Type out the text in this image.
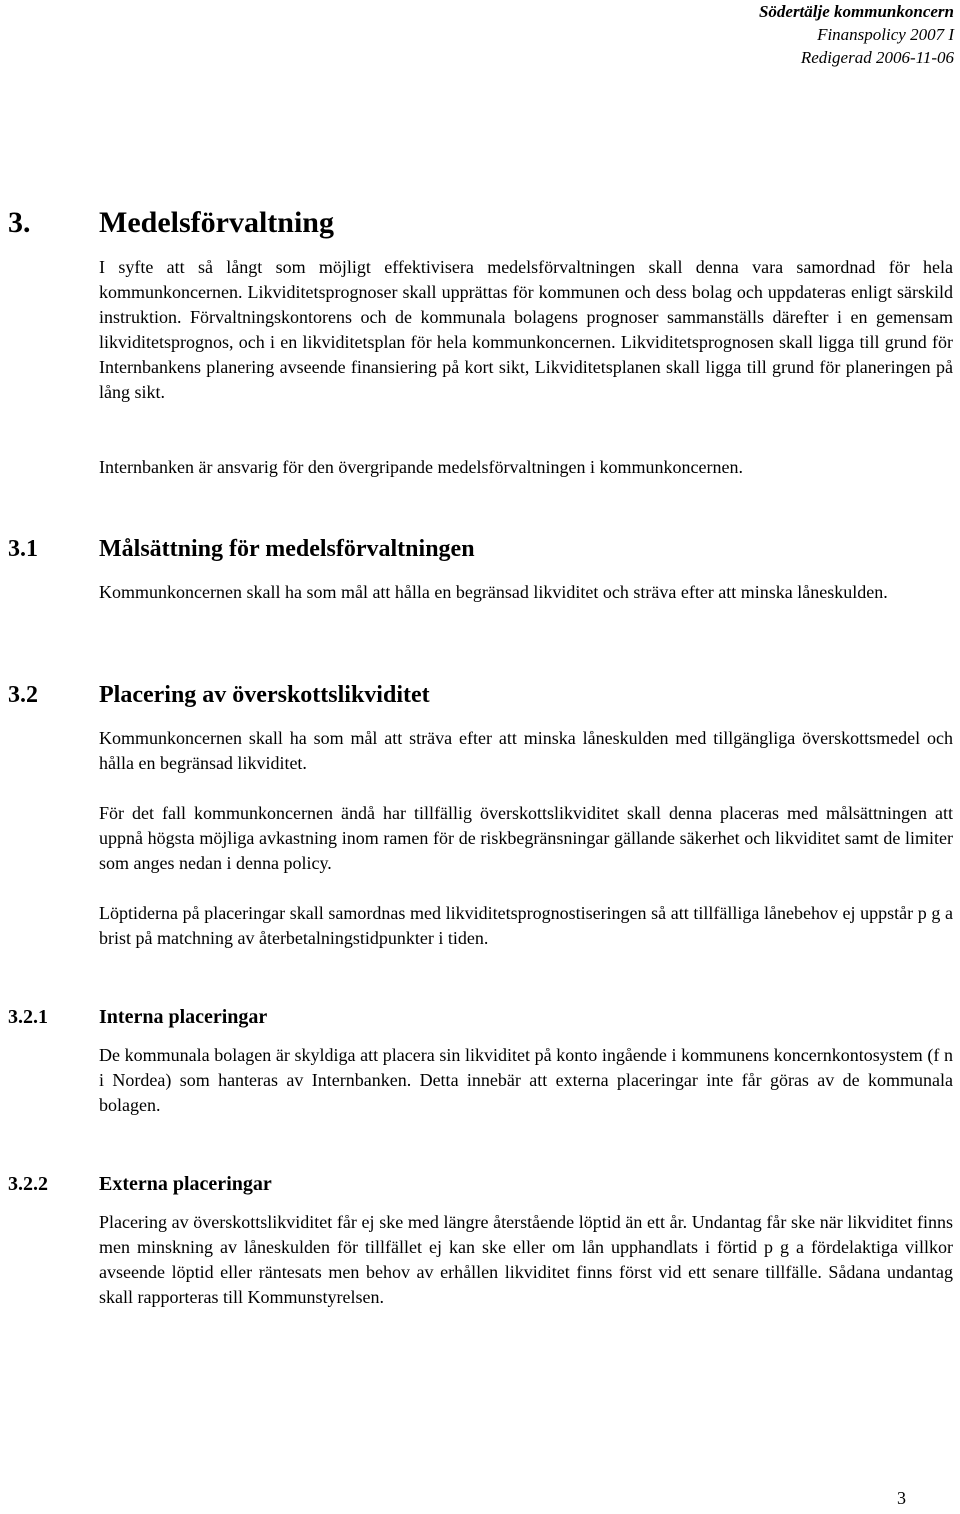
Södertälje kommunkoncern
Finanspolicy 2007 I
Redigerad 2006-11-06
3. Medelsförvaltning

I syfte att så långt som möjligt effektivisera medelsförvaltningen skall denna vara samordnad för hela kommunkoncernen. Likviditetsprognoser skall upprättas för kommunen och dess bolag och uppdateras enligt särskild instruktion. Förvaltningskontorens och de kommunala bolagens prognoser sammanställs därefter i en gemensam likviditetsprognos, och i en likviditetsplan för hela kommunkoncernen. Likviditetsprognosen skall ligga till grund för Internbankens planering avseende finansiering på kort sikt, Likviditetsplanen skall ligga till grund för planeringen på lång sikt.

Internbanken är ansvarig för den övergripande medelsförvaltningen i kommunkoncernen.

3.1	Målsättning för medelsförvaltningen

Kommunkoncernen skall ha som mål att hålla en begränsad likviditet och sträva efter att minska låneskulden.

3.2	Placering av överskottslikviditet

Kommunkoncernen skall ha som mål att sträva efter att minska låneskulden med tillgängliga överskottsmedel och hålla en begränsad likviditet.

För det fall kommunkoncernen ändå har tillfällig överskottslikviditet skall denna placeras med målsättningen att uppnå högsta möjliga avkastning inom ramen för de riskbegränsningar gällande säkerhet och likviditet samt de limiter som anges nedan i denna policy.

Löptiderna på placeringar skall samordnas med likviditetsprognostiseringen så att tillfälliga lånebehov ej uppstår p g a brist på matchning av återbetalningstidpunkter i tiden.

3.2.1	Interna placeringar

De kommunala bolagen är skyldiga att placera sin likviditet på konto ingående i kommunens koncernkontosystem (f n i Nordea) som hanteras av Internbanken. Detta innebär att externa placeringar inte får göras av de kommunala bolagen.

3.2.2	Externa placeringar

Placering av överskottslikviditet får ej ske med längre återstående löptid än ett år. Undantag får ske när likviditet finns men minskning av låneskulden för tillfället ej kan ske eller om lån upphandlats i förtid p g a fördelaktiga villkor avseende löptid eller räntesats men behov av erhållen likviditet finns först vid ett senare tillfälle. Sådana undantag skall rapporteras till Kommunstyrelsen.

3
